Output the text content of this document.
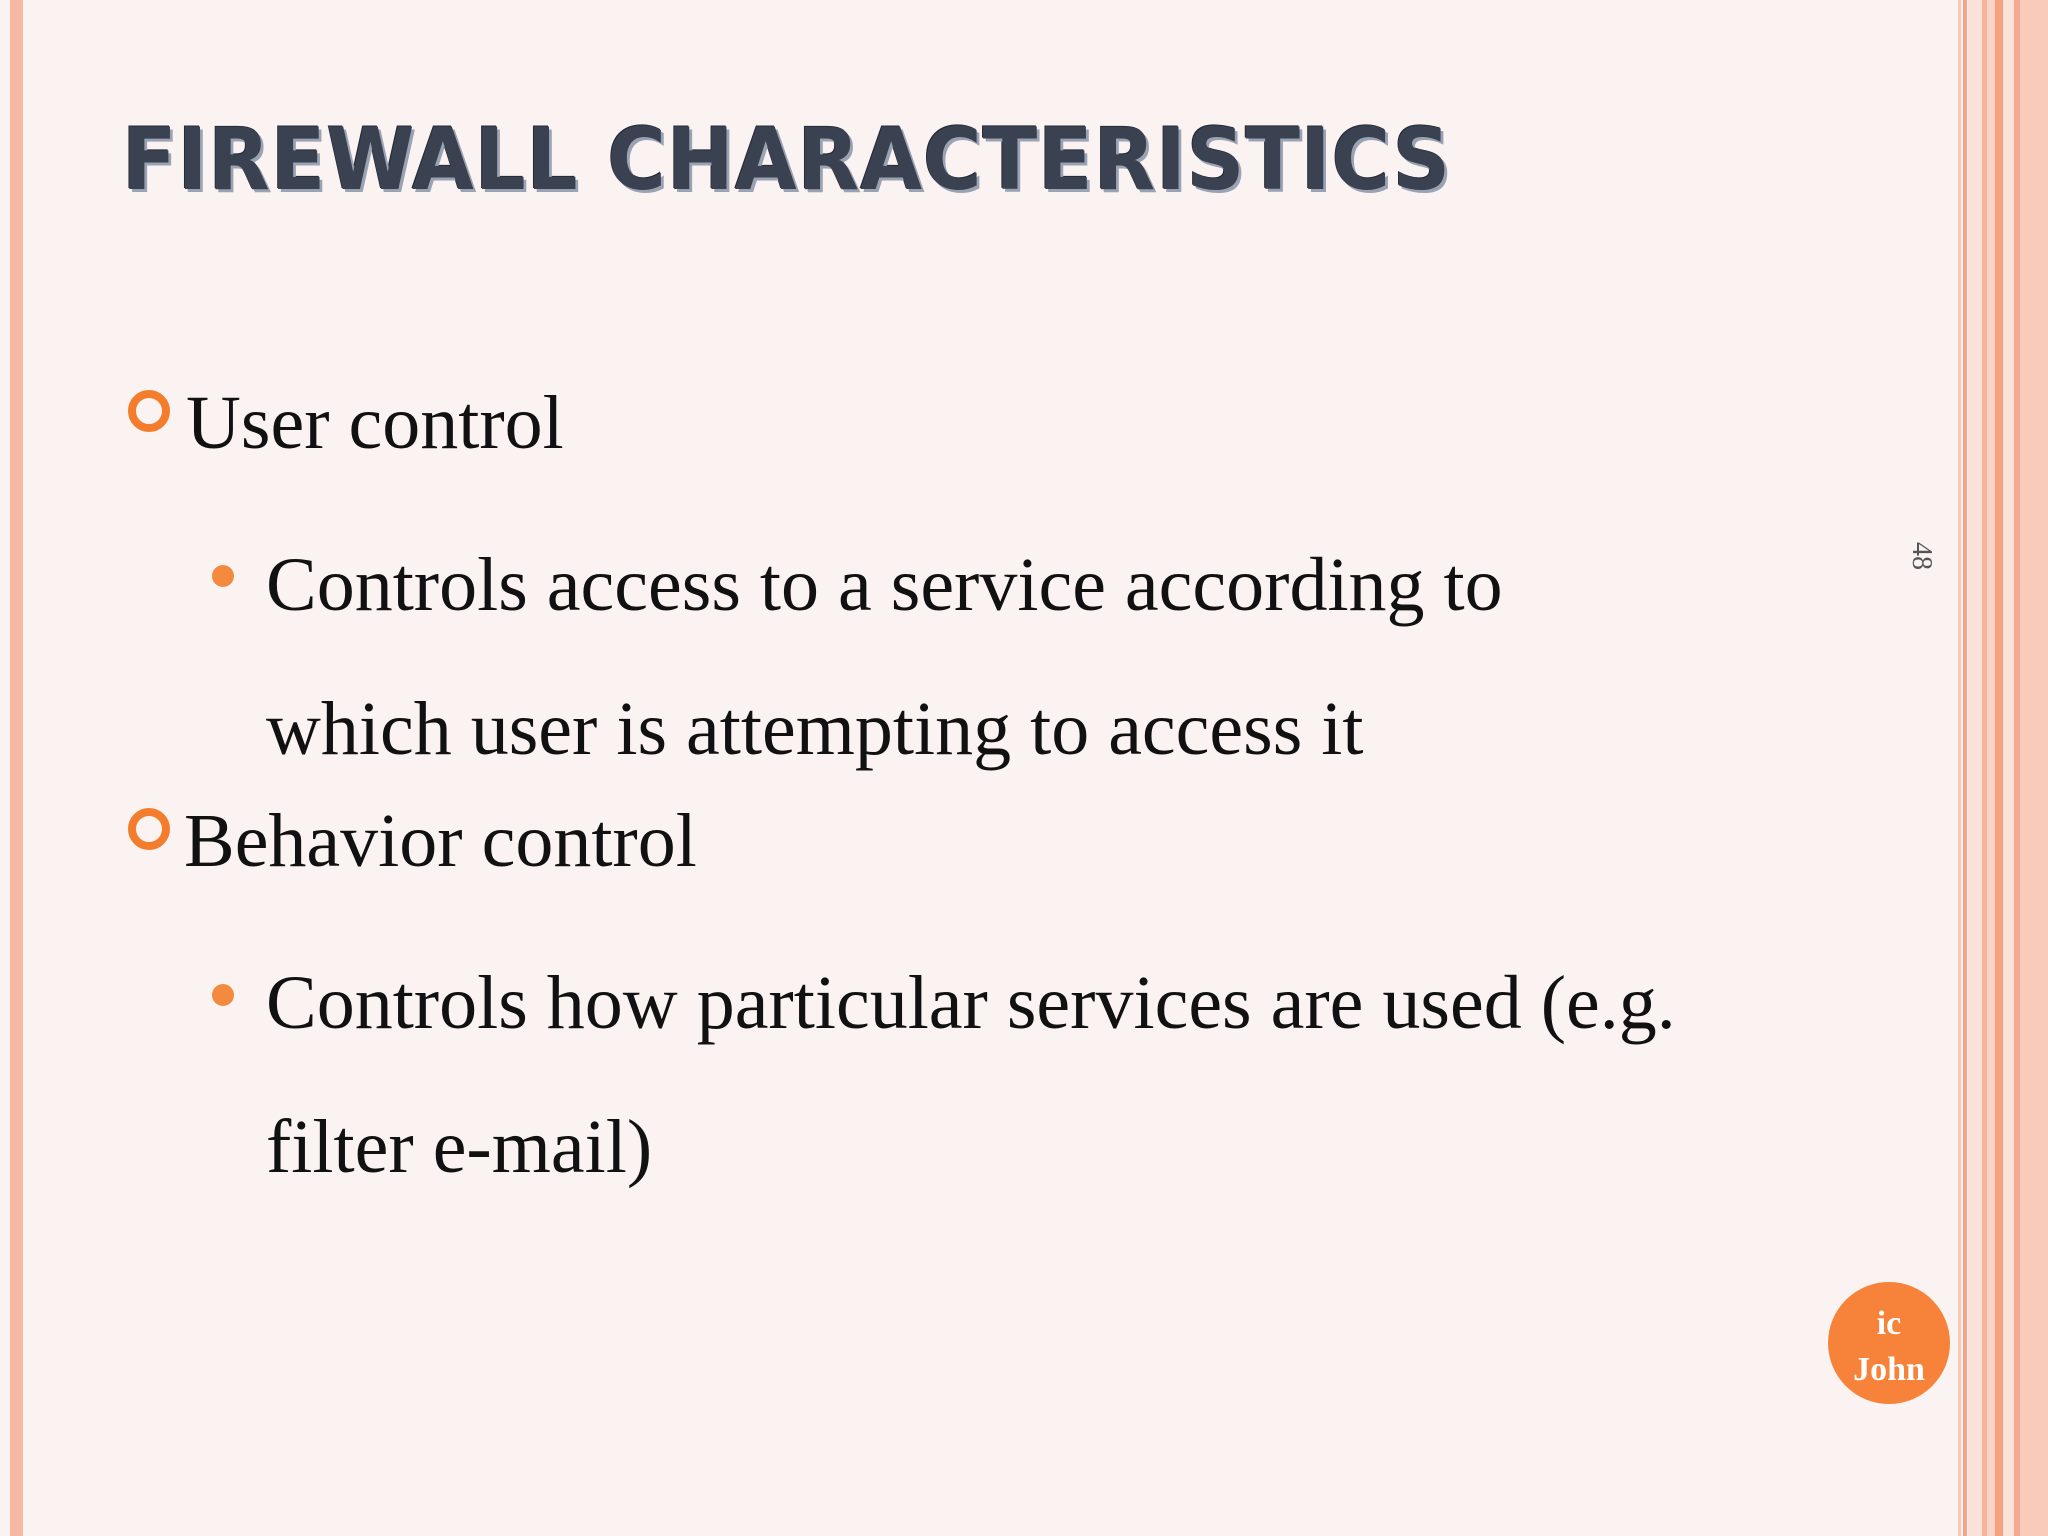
FIREWALL CHARACTERISTICS
User control
Controls access to a service according to
which user is attempting to access it
Behavior control
Controls how particular services are used (e.g.
filter e-mail)
48
ic
John
